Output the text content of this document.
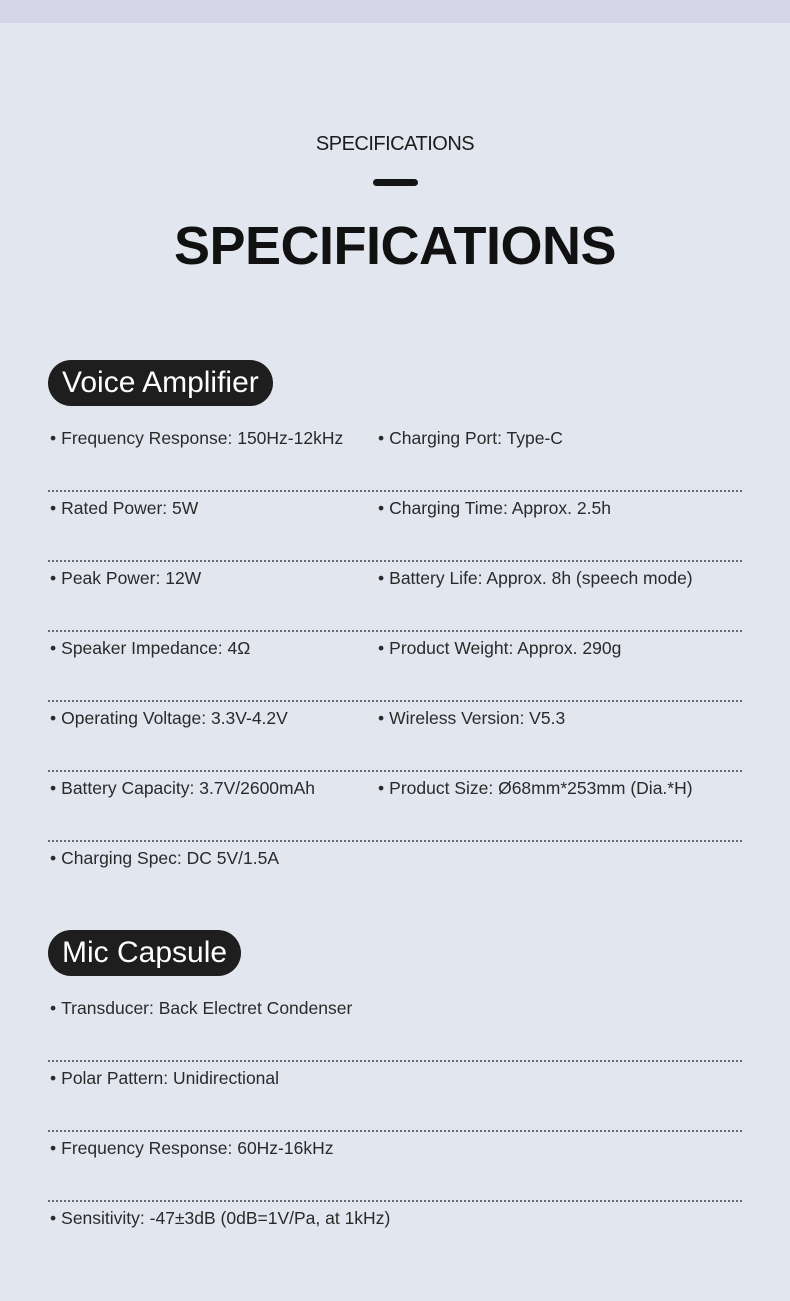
SPECIFICATIONS
SPECIFICATIONS
Voice Amplifier
• Frequency Response: 150Hz-12kHz • Charging Port: Type-C
• Rated Power: 5W	• Charging Time: Approx. 2.5h
• Peak Power: 12W	• Battery Life: Approx. 8h (speech mode)
• Speaker Impedance: 4Ω	• Product Weight: Approx. 290g
• Operating Voltage: 3.3V-4.2V	• Wireless Version: V5.3
• Battery Capacity: 3.7V/2600mAh	• Product Size: Ø68mm*253mm (Dia.*H)
• Charging Spec: DC 5V/1.5A
Mic Capsule
• Transducer: Back Electret Condenser
• Polar Pattern: Unidirectional
• Frequency Response: 60Hz-16kHz
• Sensitivity: -47±3dB (0dB=1V/Pa, at 1kHz)
